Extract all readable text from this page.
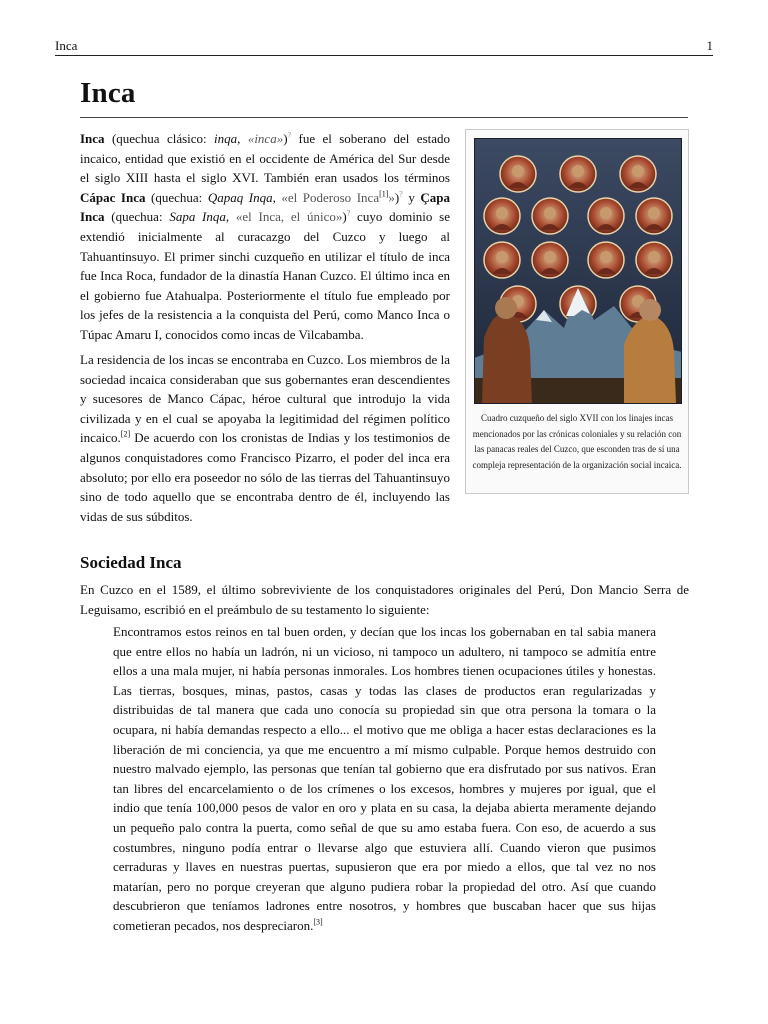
Inca	1
Inca

Inca (quechua clásico: inqa, «inca»)? fue el soberano del estado incaico, entidad que existió en el occidente de América del Sur desde el siglo XIII hasta el siglo XVI. También eran usados los términos Cápac Inca (quechua: Qapaq Inqa, «el Poderoso Inca[1]»)? y Çapa Inca (quechua: Sapa Inqa, «el Inca, el único»)? cuyo dominio se extendió inicialmente al curacazgo del Cuzco y luego al Tahuantinsuyo. El primer sinchi cuzqueño en utilizar el título de inca fue Inca Roca, fundador de la dinastía Hanan Cuzco. El último inca en el gobierno fue Atahualpa. Posteriormente el título fue empleado por los jefes de la resistencia a la conquista del Perú, como Manco Inca o Túpac Amaru I, conocidos como incas de Vilcabamba.

La residencia de los incas se encontraba en Cuzco. Los miembros de la sociedad incaica consideraban que sus gobernantes eran descendientes y sucesores de Manco Cápac, héroe cultural que introdujo la vida civilizada y en el cual se apoyaba la legitimidad del régimen político incaico.[2] De acuerdo con los cronistas de Indias y los testimonios de algunos conquistadores como Francisco Pizarro, el poder del inca era absoluto; por ello era poseedor no sólo de las tierras del Tahuantinsuyo sino de todo aquello que se encontraba dentro de él, incluyendo las vidas de sus súbditos.

Cuadro cuzqueño del siglo XVII con los linajes incas mencionados por las crónicas coloniales y su relación con las panacas reales del Cuzco, que esconden tras de sí una compleja representación de la organización social incaica.

Sociedad Inca

En Cuzco en el 1589, el último sobreviviente de los conquistadores originales del Perú, Don Mancio Serra de Leguisamo, escribió en el preámbulo de su testamento lo siguiente:

Encontramos estos reinos en tal buen orden, y decían que los incas los gobernaban en tal sabia manera que entre ellos no había un ladrón, ni un vicioso, ni tampoco un adultero, ni tampoco se admitía entre ellos a una mala mujer, ni había personas inmorales. Los hombres tienen ocupaciones útiles y honestas. Las tierras, bosques, minas, pastos, casas y todas las clases de productos eran regularizadas y distribuidas de tal manera que cada uno conocía su propiedad sin que otra persona la tomara o la ocupara, ni había demandas respecto a ello... el motivo que me obliga a hacer estas declaraciones es la liberación de mi conciencia, ya que me encuentro a mí mismo culpable. Porque hemos destruido con nuestro malvado ejemplo, las personas que tenían tal gobierno que era disfrutado por sus nativos. Eran tan libres del encarcelamiento o de los crímenes o los excesos, hombres y mujeres por igual, que el indio que tenía 100,000 pesos de valor en oro y plata en su casa, la dejaba abierta meramente dejando un pequeño palo contra la puerta, como señal de que su amo estaba fuera. Con eso, de acuerdo a sus costumbres, ninguno podía entrar o llevarse algo que estuviera allí. Cuando vieron que pusimos cerraduras y llaves en nuestras puertas, supusieron que era por miedo a ellos, que tal vez no nos matarían, pero no porque creyeran que alguno pudiera robar la propiedad del otro. Así que cuando descubrieron que teníamos ladrones entre nosotros, y hombres que buscaban hacer que sus hijas cometieran pecados, nos despreciaron.[3]
